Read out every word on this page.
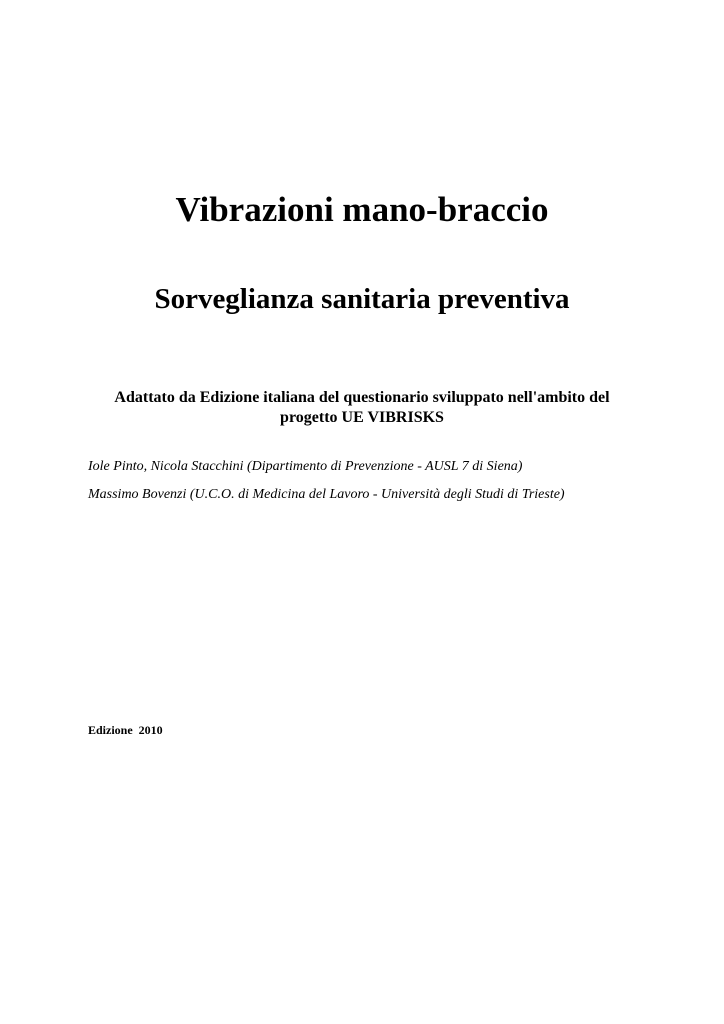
Vibrazioni mano-braccio
Sorveglianza sanitaria preventiva

Adattato da Edizione italiana del questionario sviluppato nell'ambito del progetto UE VIBRISKS

Iole Pinto, Nicola Stacchini (Dipartimento di Prevenzione - AUSL 7 di Siena)

Massimo Bovenzi (U.C.O. di Medicina del Lavoro - Università degli Studi di Trieste)

Edizione  2010
